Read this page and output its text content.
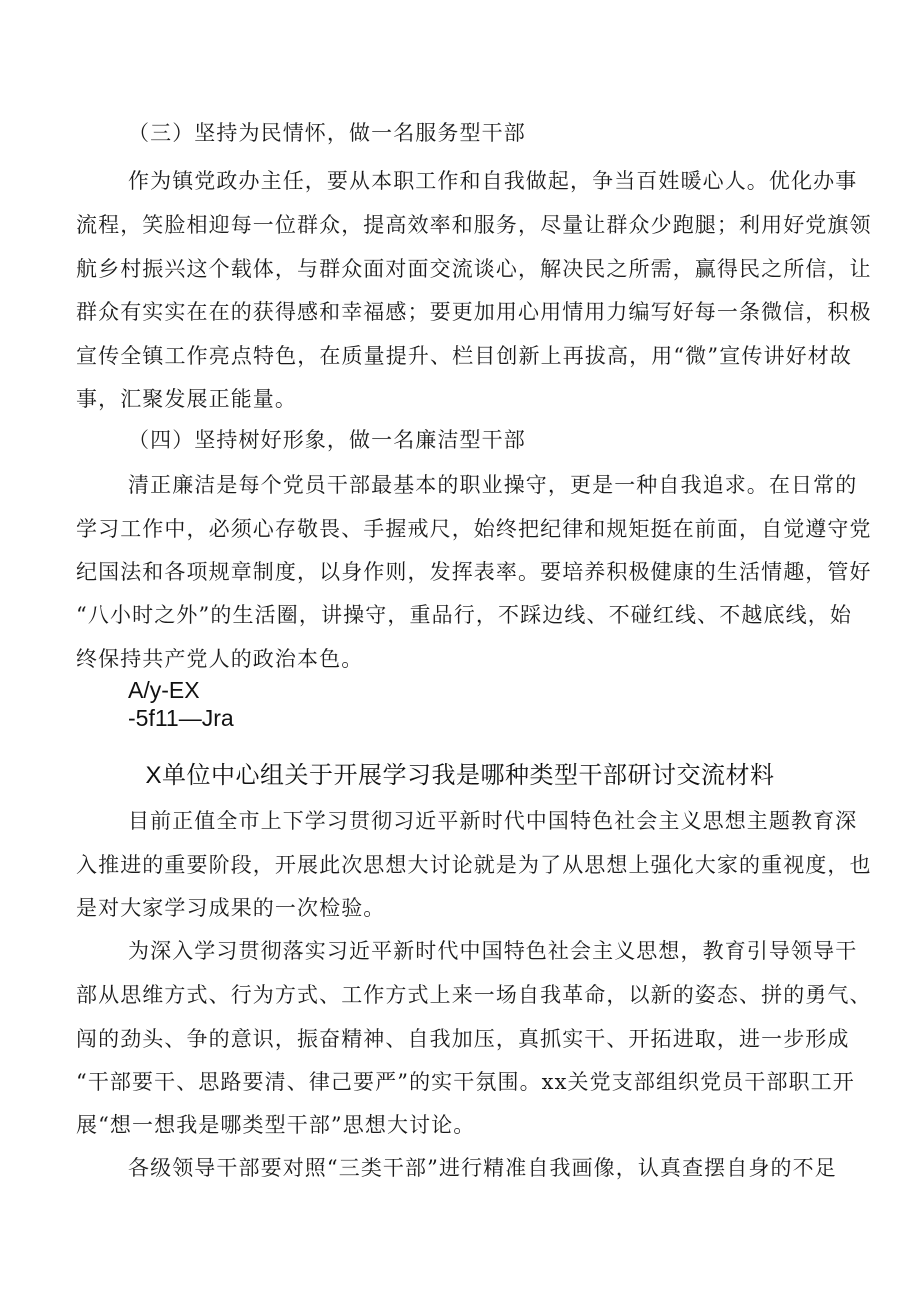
（三）坚持为民情怀，做一名服务型干部
作为镇党政办主任，要从本职工作和自我做起，争当百姓暖心人。优化办事
流程，笑脸相迎每一位群众，提高效率和服务，尽量让群众少跑腿；利用好党旗领
航乡村振兴这个载体，与群众面对面交流谈心，解决民之所需，赢得民之所信，让
群众有实实在在的获得感和幸福感；要更加用心用情用力编写好每一条微信，积极
宣传全镇工作亮点特色，在质量提升、栏目创新上再拔高，用“微”宣传讲好材故
事，汇聚发展正能量。
（四）坚持树好形象，做一名廉洁型干部
清正廉洁是每个党员干部最基本的职业操守，更是一种自我追求。在日常的
学习工作中，必须心存敬畏、手握戒尺，始终把纪律和规矩挺在前面，自觉遵守党
纪国法和各项规章制度，以身作则，发挥表率。要培养积极健康的生活情趣，管好
“八小时之外”的生活圈，讲操守，重品行，不踩边线、不碰红线、不越底线，始
终保持共产党人的政治本色。
A/y-EX
-5f11—Jra
X单位中心组关于开展学习我是哪种类型干部研讨交流材料
目前正值全市上下学习贯彻习近平新时代中国特色社会主义思想主题教育深
入推进的重要阶段，开展此次思想大讨论就是为了从思想上强化大家的重视度，也
是对大家学习成果的一次检验。
为深入学习贯彻落实习近平新时代中国特色社会主义思想，教育引导领导干
部从思维方式、行为方式、工作方式上来一场自我革命，以新的姿态、拼的勇气、
闯的劲头、争的意识，振奋精神、自我加压，真抓实干、开拓进取，进一步形成
“干部要干、思路要清、律己要严”的实干氛围。xx关党支部组织党员干部职工开
展“想一想我是哪类型干部”思想大讨论。
各级领导干部要对照“三类干部”进行精准自我画像，认真查摆自身的不足
